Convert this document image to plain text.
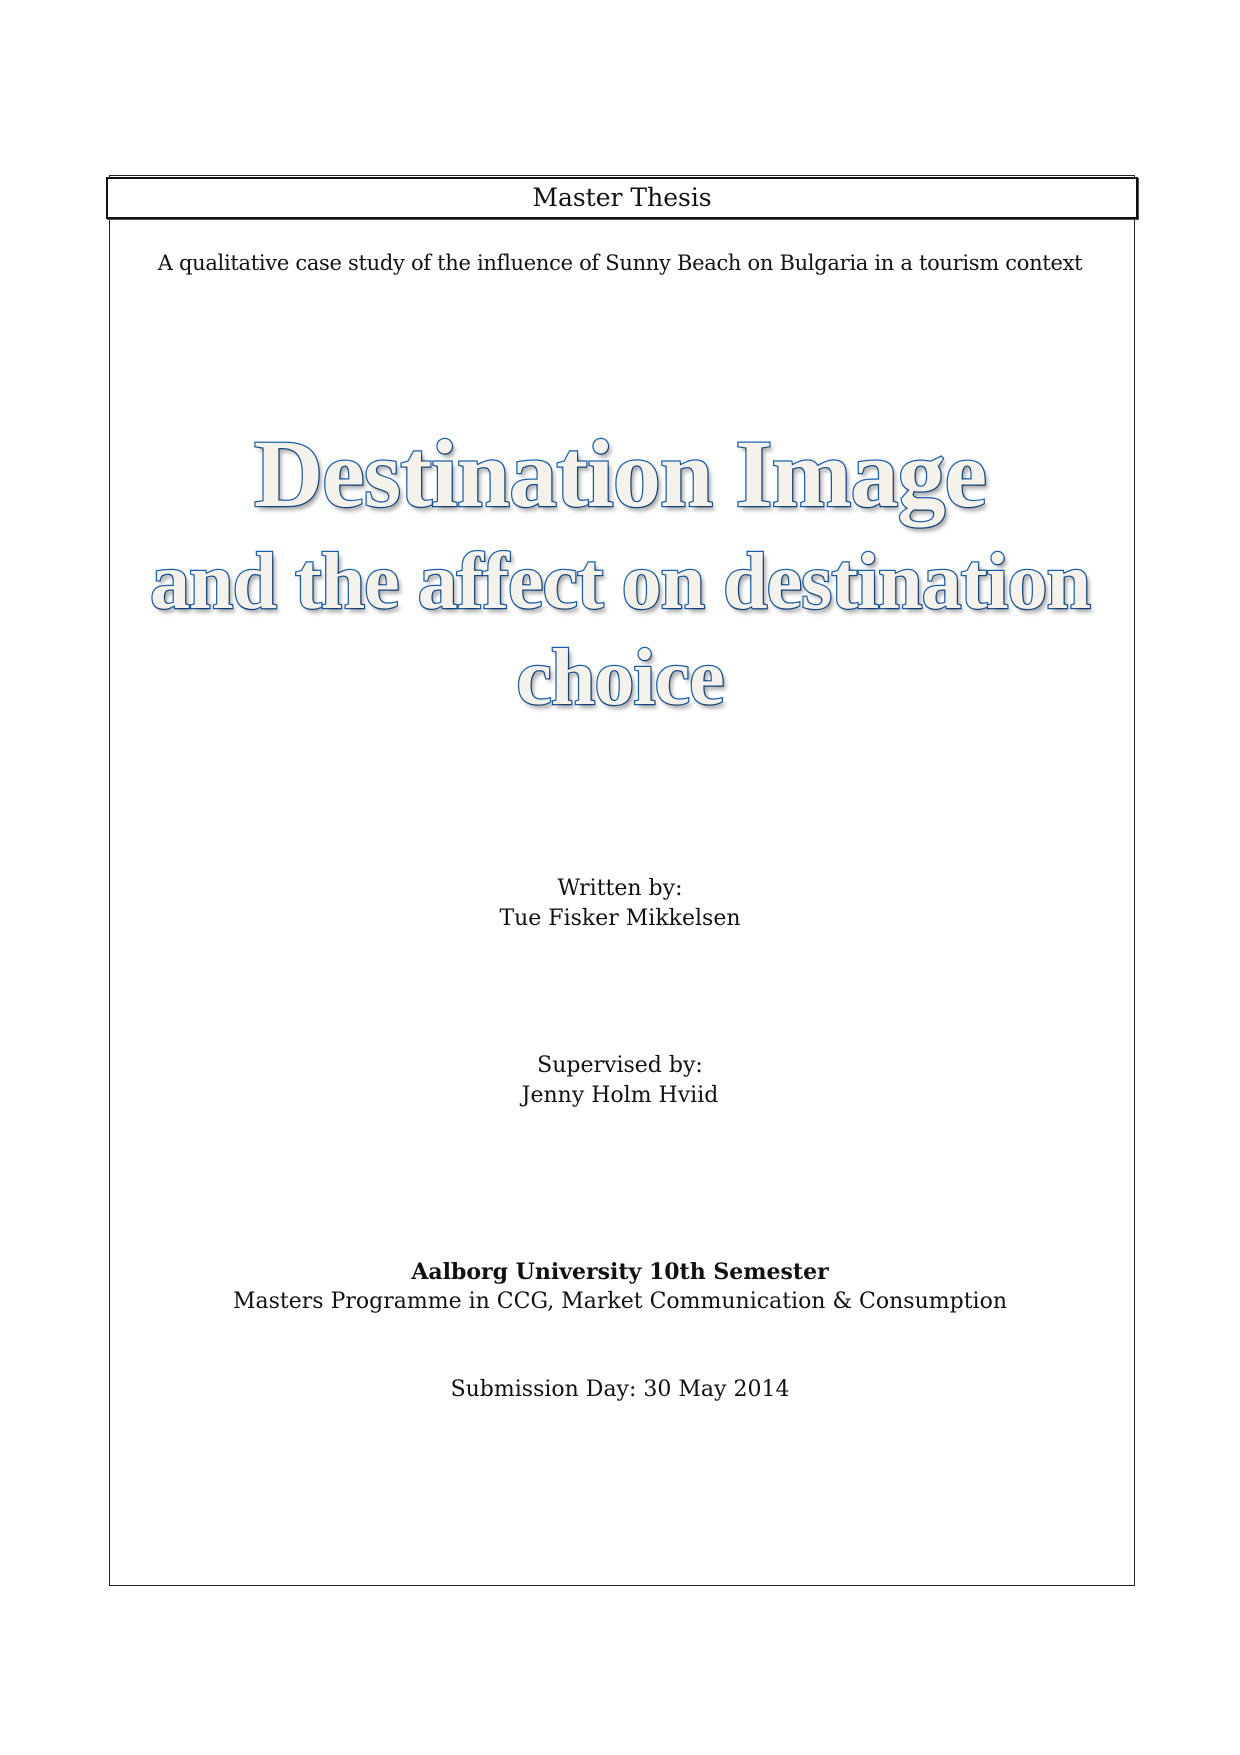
Master Thesis
A qualitative case study of the influence of Sunny Beach on Bulgaria in a tourism context
Destination Image
and the affect on destination
choice
Written by:
Tue Fisker Mikkelsen
Supervised by:
Jenny Holm Hviid
Aalborg University 10th Semester
Masters Programme in CCG, Market Communication & Consumption
Submission Day: 30 May 2014
